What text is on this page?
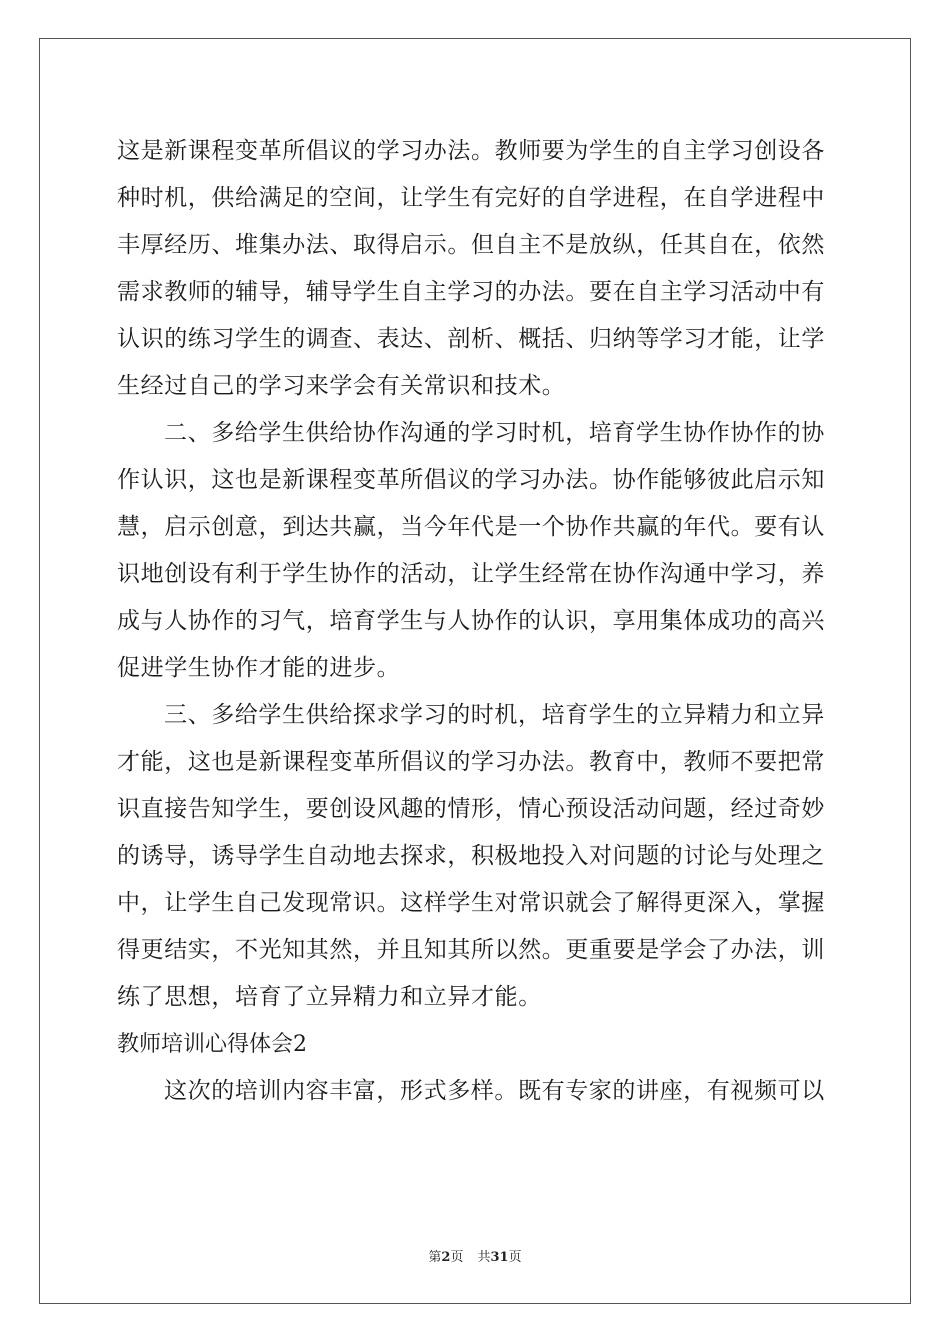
这是新课程变革所倡议的学习办法。教师要为学生的自主学习创设各
种时机，供给满足的空间，让学生有完好的自学进程，在自学进程中
丰厚经历、堆集办法、取得启示。但自主不是放纵，任其自在，依然
需求教师的辅导，辅导学生自主学习的办法。要在自主学习活动中有
认识的练习学生的调查、表达、剖析、概括、归纳等学习才能，让学
生经过自己的学习来学会有关常识和技术。
二、多给学生供给协作沟通的学习时机，培育学生协作协作的协
作认识，这也是新课程变革所倡议的学习办法。协作能够彼此启示知
慧，启示创意，到达共赢，当今年代是一个协作共赢的年代。要有认
识地创设有利于学生协作的活动，让学生经常在协作沟通中学习，养
成与人协作的习气，培育学生与人协作的认识，享用集体成功的高兴
促进学生协作才能的进步。
三、多给学生供给探求学习的时机，培育学生的立异精力和立异
才能，这也是新课程变革所倡议的学习办法。教育中，教师不要把常
识直接告知学生，要创设风趣的情形，情心预设活动问题，经过奇妙
的诱导，诱导学生自动地去探求，积极地投入对问题的讨论与处理之
中，让学生自己发现常识。这样学生对常识就会了解得更深入，掌握
得更结实，不光知其然，并且知其所以然。更重要是学会了办法，训
练了思想，培育了立异精力和立异才能。
教师培训心得体会2
这次的培训内容丰富，形式多样。既有专家的讲座，有视频可以
第2页 共31页
